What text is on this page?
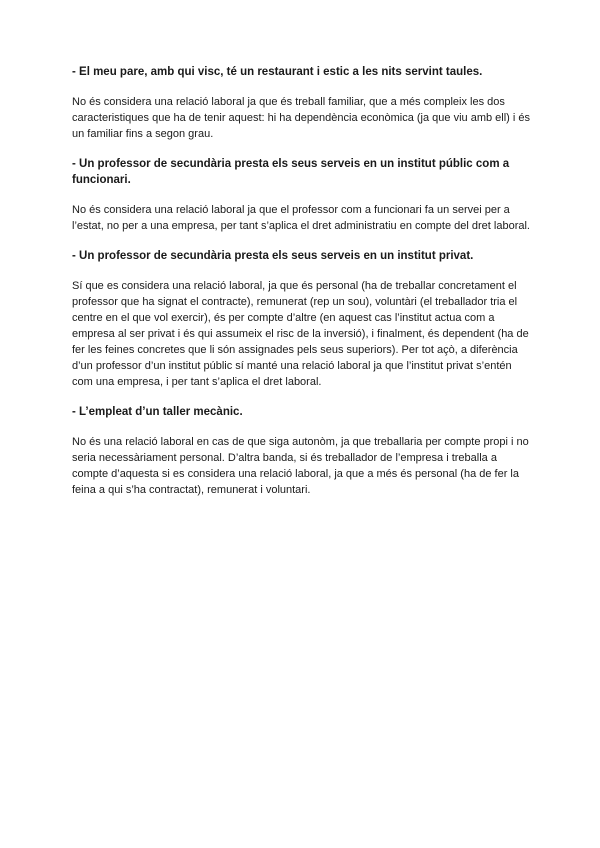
- El meu pare, amb qui visc, té un restaurant i estic a les nits servint taules.

No és considera una relació laboral ja que és treball familiar, que a més compleix les dos caracteristiques que ha de tenir aquest: hi ha dependència econòmica (ja que viu amb ell) i és un familiar fins a segon grau.

- Un professor de secundària presta els seus serveis en un institut públic com a funcionari.

No és considera una relació laboral ja que el professor com a funcionari fa un servei per a l’estat, no per a una empresa, per tant s’aplica el dret administratiu en compte del dret laboral.

- Un professor de secundària presta els seus serveis en un institut privat.

Sí que es considera una relació laboral, ja que és personal (ha de treballar concretament el professor que ha signat el contracte), remunerat (rep un sou), voluntàri (el treballador tria el centre en el que vol exercir), és per compte d’altre (en aquest cas l’institut actua com a empresa al ser privat i és qui assumeix el risc de la inversió), i finalment, és dependent (ha de fer les feines concretes que li són assignades pels seus superiors). Per tot açò, a diferència d’un professor d’un institut públic sí manté una relació laboral ja que l’institut privat s’entén com una empresa, i per tant s’aplica el dret laboral.

- L’empleat d’un taller mecànic.

No és una relació laboral en cas de que siga autonòm, ja que treballaria per compte propi i no seria necessàriament personal. D’altra banda, si és treballador de l’empresa i treballa a compte d’aquesta si es considera una relació laboral, ja que a més és personal (ha de fer la feina a qui s’ha contractat), remunerat i voluntari.
